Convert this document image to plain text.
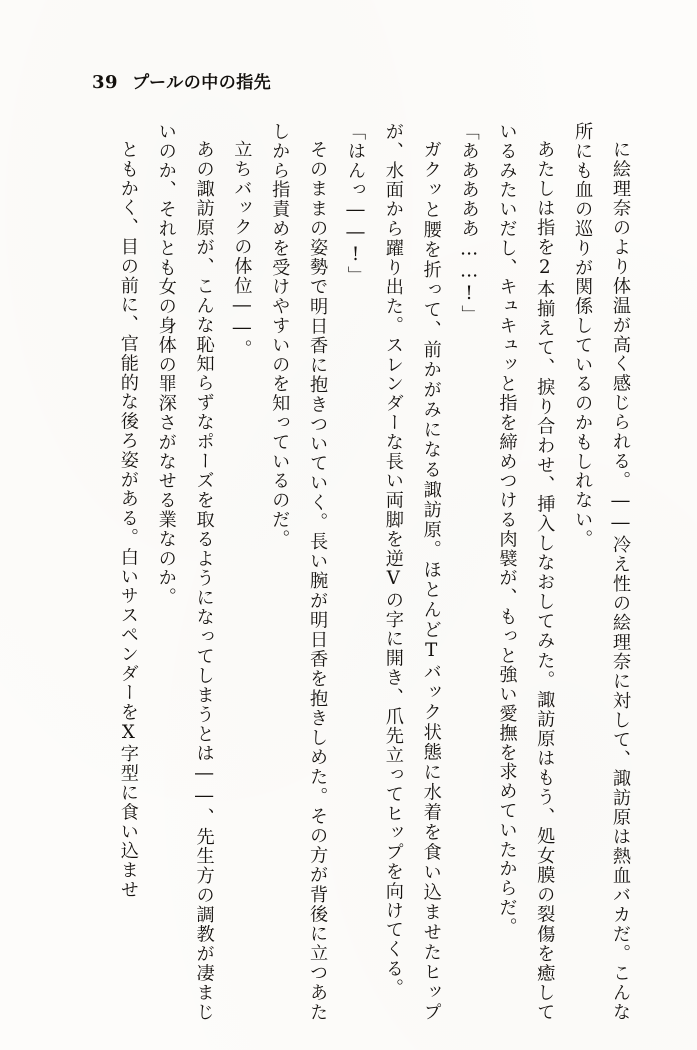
39 プールの中の指先

に絵理奈のより体温が高く感じられる。――冷え性の絵理奈に対して、諏訪原は熱血バカだ。こんな所にも血の巡りが関係しているのかもしれない。

あたしは指を2本揃えて、捩り合わせ、挿入しなおしてみた。諏訪原はもう、処女膜の裂傷を癒しているみたいだし、キュキュッと指を締めつける肉襞が、もっと強い愛撫を求めていたからだ。

「あああああ……!」

ガクッと腰を折って、前かがみになる諏訪原。ほとんどTバック状態に水着を食い込ませたヒップが、水面から躍り出た。スレンダーな長い両脚を逆Vの字に開き、爪先立ってヒップを向けてくる。

「はんっ――!」

そのままの姿勢で明日香に抱きついていく。長い腕が明日香を抱きしめた。その方が背後に立つあたしから指責めを受けやすいのを知っているのだ。

立ちバックの体位――。

あの諏訪原が、こんな恥知らずなポーズを取るようになってしまうとは――、先生方の調教が凄まじいのか、それとも女の身体の罪深さがなせる業なのか。

ともかく、目の前に、官能的な後ろ姿がある。白いサスペンダーをX字型に食い込ませ
